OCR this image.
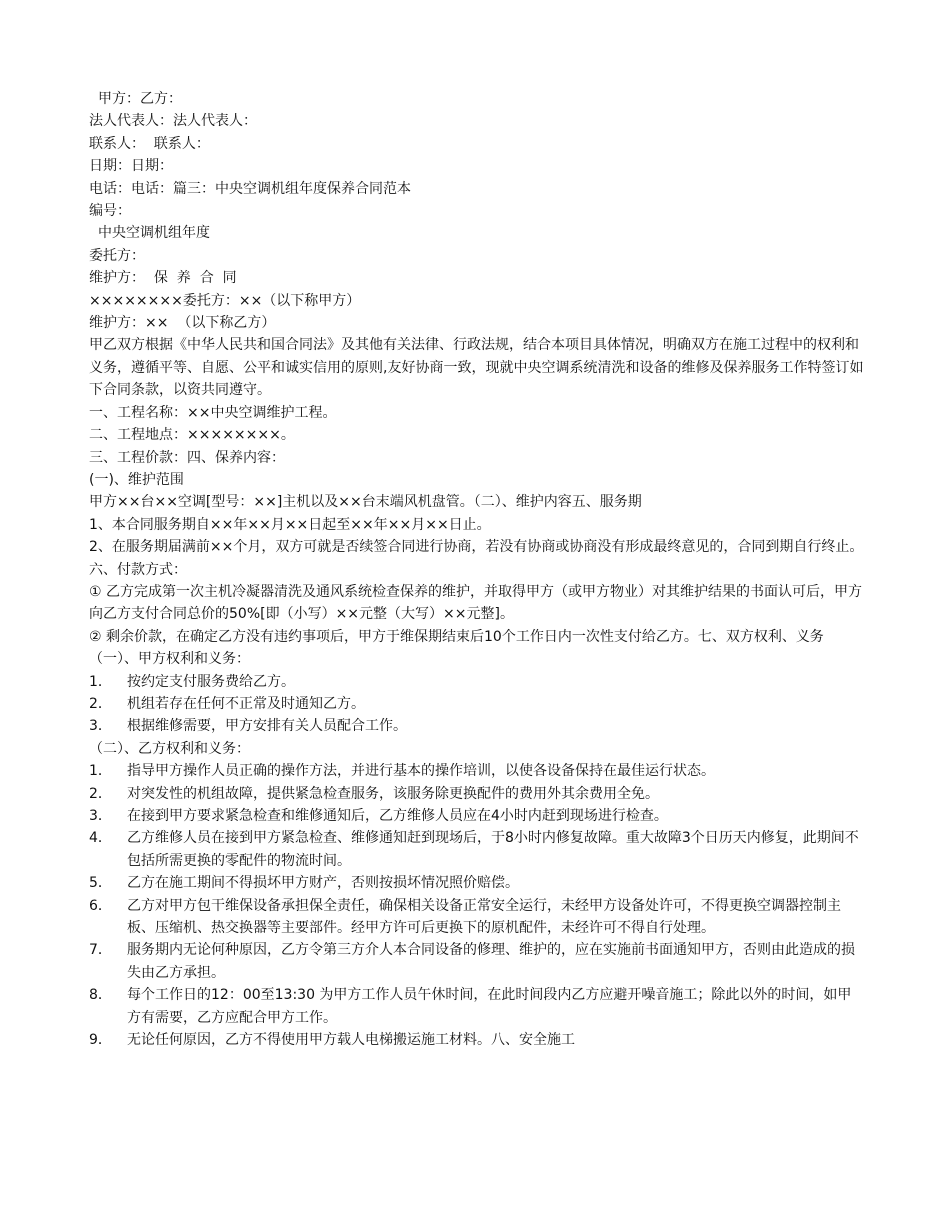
甲方：乙方：

法人代表人：法人代表人：

联系人：  联系人：

日期：日期：

电话：电话：篇三：中央空调机组年度保养合同范本

编号：

中央空调机组年度

委托方：

维护方：  保  养  合  同

××××××××委托方：××（以下称甲方）

维护方：××  （以下称乙方）

甲乙双方根据《中华人民共和国合同法》及其他有关法律、行政法规，结合本项目具体情况，明确双方在施工过程中的权利和义务，遵循平等、自愿、公平和诚实信用的原则,友好协商一致，现就中央空调系统清洗和设备的维修及保养服务工作特签订如下合同条款，以资共同遵守。

一、工程名称：××中央空调维护工程。

二、工程地点：××××××××。

三、工程价款：四、保养内容：

(一)、维护范围

甲方××台××空调[型号：××]主机以及××台末端风机盘管。（二）、维护内容五、服务期

1、本合同服务期自××年××月××日起至××年××月××日止。

2、在服务期届满前××个月，双方可就是否续签合同进行协商，若没有协商或协商没有形成最终意见的，合同到期自行终止。

六、付款方式：

① 乙方完成第一次主机冷凝器清洗及通风系统检查保养的维护，并取得甲方（或甲方物业）对其维护结果的书面认可后，甲方向乙方支付合同总价的50%[即（小写）××元整（大写）××元整]。

② 剩余价款，在确定乙方没有违约事项后，甲方于维保期结束后10个工作日内一次性支付给乙方。七、双方权利、义务

（一）、甲方权利和义务：

1． 按约定支付服务费给乙方。
2． 机组若存在任何不正常及时通知乙方。
3． 根据维修需要，甲方安排有关人员配合工作。

（二）、乙方权利和义务：

1． 指导甲方操作人员正确的操作方法，并进行基本的操作培训，以使各设备保持在最佳运行状态。
2． 对突发性的机组故障，提供紧急检查服务，该服务除更换配件的费用外其余费用全免。
3． 在接到甲方要求紧急检查和维修通知后，乙方维修人员应在4小时内赶到现场进行检查。
4． 乙方维修人员在接到甲方紧急检查、维修通知赶到现场后，于8小时内修复故障。重大故障3个日历天内修复，此期间不包括所需更换的零配件的物流时间。
5． 乙方在施工期间不得损坏甲方财产，否则按损坏情况照价赔偿。
6． 乙方对甲方包干维保设备承担保全责任，确保相关设备正常安全运行，未经甲方设备处许可，不得更换空调器控制主板、压缩机、热交换器等主要部件。经甲方许可后更换下的原机配件，未经许可不得自行处理。
7． 服务期内无论何种原因，乙方令第三方介人本合同设备的修理、维护的，应在实施前书面通知甲方，否则由此造成的损失由乙方承担。
8． 每个工作日的12：00至13:30 为甲方工作人员午休时间，在此时间段内乙方应避开噪音施工；除此以外的时间，如甲方有需要，乙方应配合甲方工作。
9． 无论任何原因，乙方不得使用甲方载人电梯搬运施工材料。八、安全施工
